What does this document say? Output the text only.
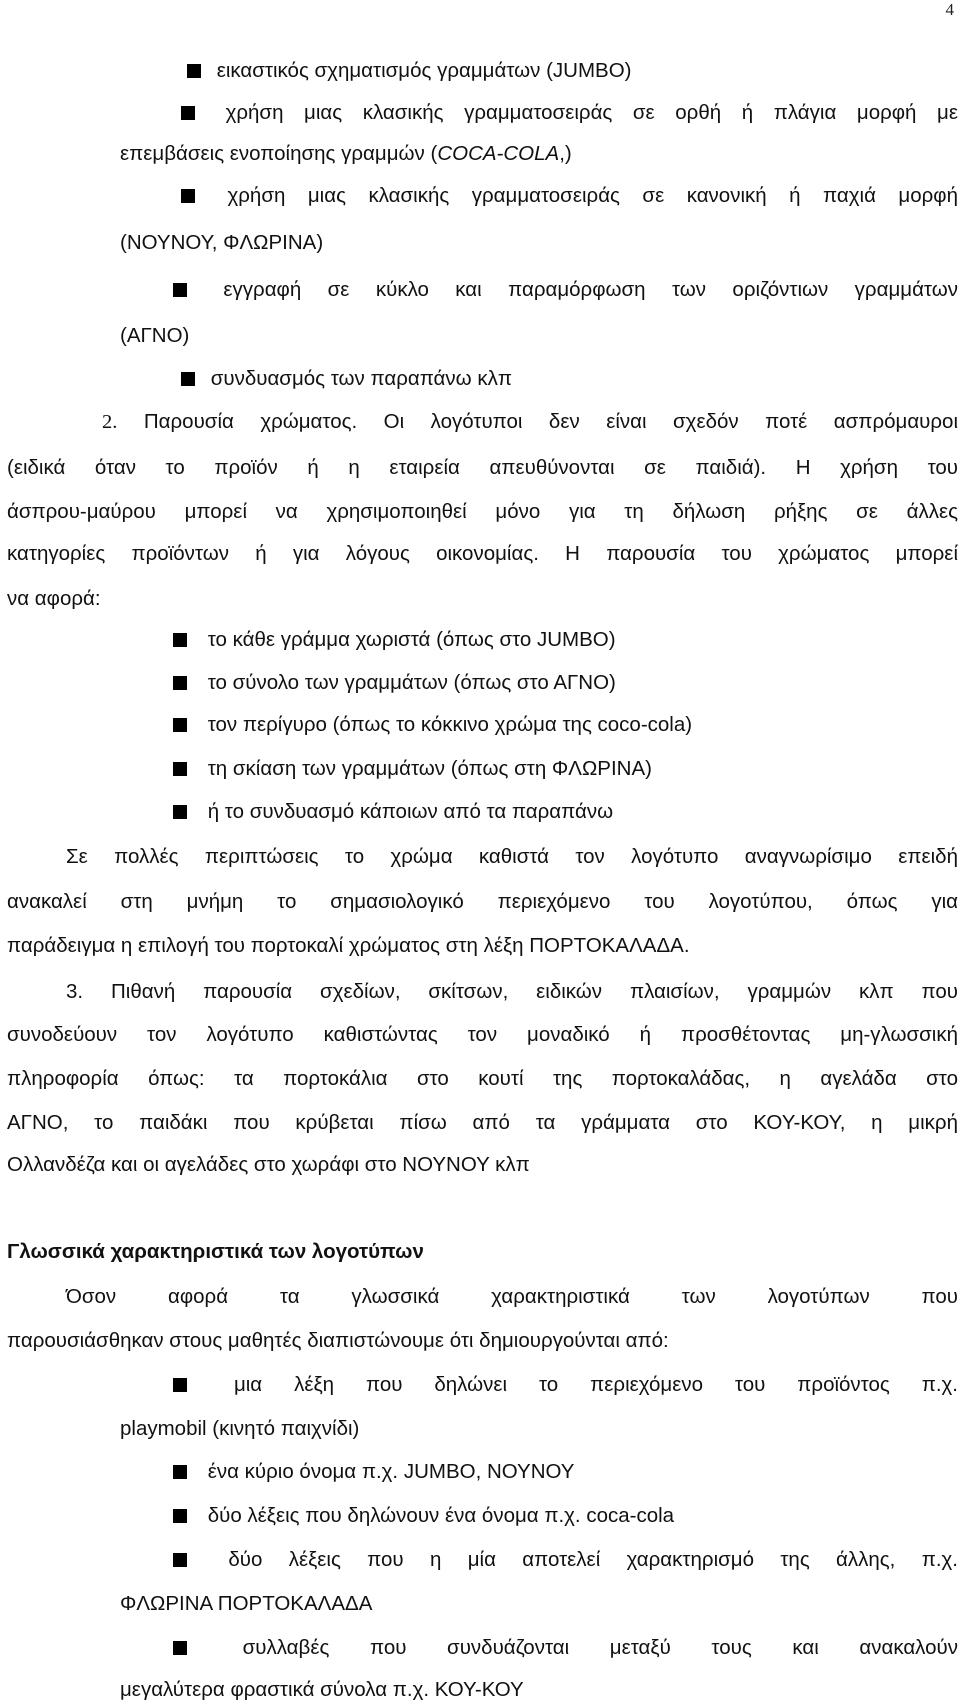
4
εικαστικός σχηματισμός γραμμάτων (JUMBO)
χρήση μιας κλασικής γραμματοσειράς σε ορθή ή πλάγια μορφή με
επεμβάσεις ενοποίησης γραμμών (COCA-COLA,)
χρήση μιας κλασικής γραμματοσειράς σε κανονική ή παχιά μορφή
(ΝΟΥΝΟΥ, ΦΛΩΡΙΝΑ)
εγγραφή σε κύκλο και παραμόρφωση των οριζόντιων γραμμάτων
(ΑΓΝΟ)
συνδυασμός των παραπάνω κλπ
2. Παρουσία χρώματος. Οι λογότυποι δεν είναι σχεδόν ποτέ ασπρόμαυροι
(ειδικά όταν το προϊόν ή η εταιρεία απευθύνονται σε παιδιά). Η χρήση του
άσπρου-μαύρου μπορεί να χρησιμοποιηθεί μόνο για τη δήλωση ρήξης σε άλλες
κατηγορίες προϊόντων ή για λόγους οικονομίας. Η παρουσία του χρώματος μπορεί
να αφορά:
το κάθε γράμμα χωριστά (όπως στο JUMBO)
το σύνολο των γραμμάτων (όπως στο ΑΓΝΟ)
τον περίγυρο (όπως το κόκκινο χρώμα της coco-cola)
τη σκίαση των γραμμάτων (όπως στη ΦΛΩΡΙΝΑ)
ή το συνδυασμό κάποιων από τα παραπάνω
Σε πολλές περιπτώσεις το χρώμα καθιστά τον λογότυπο αναγνωρίσιμο επειδή
ανακαλεί στη μνήμη το σημασιολογικό περιεχόμενο του λογοτύπου, όπως για
παράδειγμα η επιλογή του πορτοκαλί χρώματος στη λέξη ΠΟΡΤΟΚΑΛΑΔΑ.
3. Πιθανή παρουσία σχεδίων, σκίτσων, ειδικών πλαισίων, γραμμών κλπ που
συνοδεύουν τον λογότυπο καθιστώντας τον μοναδικό ή προσθέτοντας μη-γλωσσική
πληροφορία όπως: τα πορτοκάλια στο κουτί της πορτοκαλάδας, η αγελάδα στο
ΑΓΝΟ, το παιδάκι που κρύβεται πίσω από τα γράμματα στο ΚΟΥ-ΚΟΥ, η μικρή
Ολλανδέζα και οι αγελάδες στο χωράφι στο ΝΟΥΝΟΥ κλπ
Γλωσσικά χαρακτηριστικά των λογοτύπων
Όσον αφορά τα γλωσσικά χαρακτηριστικά των λογοτύπων που
παρουσιάσθηκαν στους μαθητές διαπιστώνουμε ότι δημιουργούνται από:
μια λέξη που δηλώνει το περιεχόμενο του προϊόντος π.χ.
playmobil (κινητό παιχνίδι)
ένα κύριο όνομα π.χ. JUMBO, ΝΟΥΝΟΥ
δύο λέξεις που δηλώνουν ένα όνομα π.χ. coca-cola
δύο λέξεις που η μία αποτελεί χαρακτηρισμό της άλλης, π.χ.
ΦΛΩΡΙΝΑ ΠΟΡΤΟΚΑΛΑΔΑ
συλλαβές που συνδυάζονται μεταξύ τους και ανακαλούν
μεγαλύτερα φραστικά σύνολα π.χ. ΚΟΥ-ΚΟΥ
